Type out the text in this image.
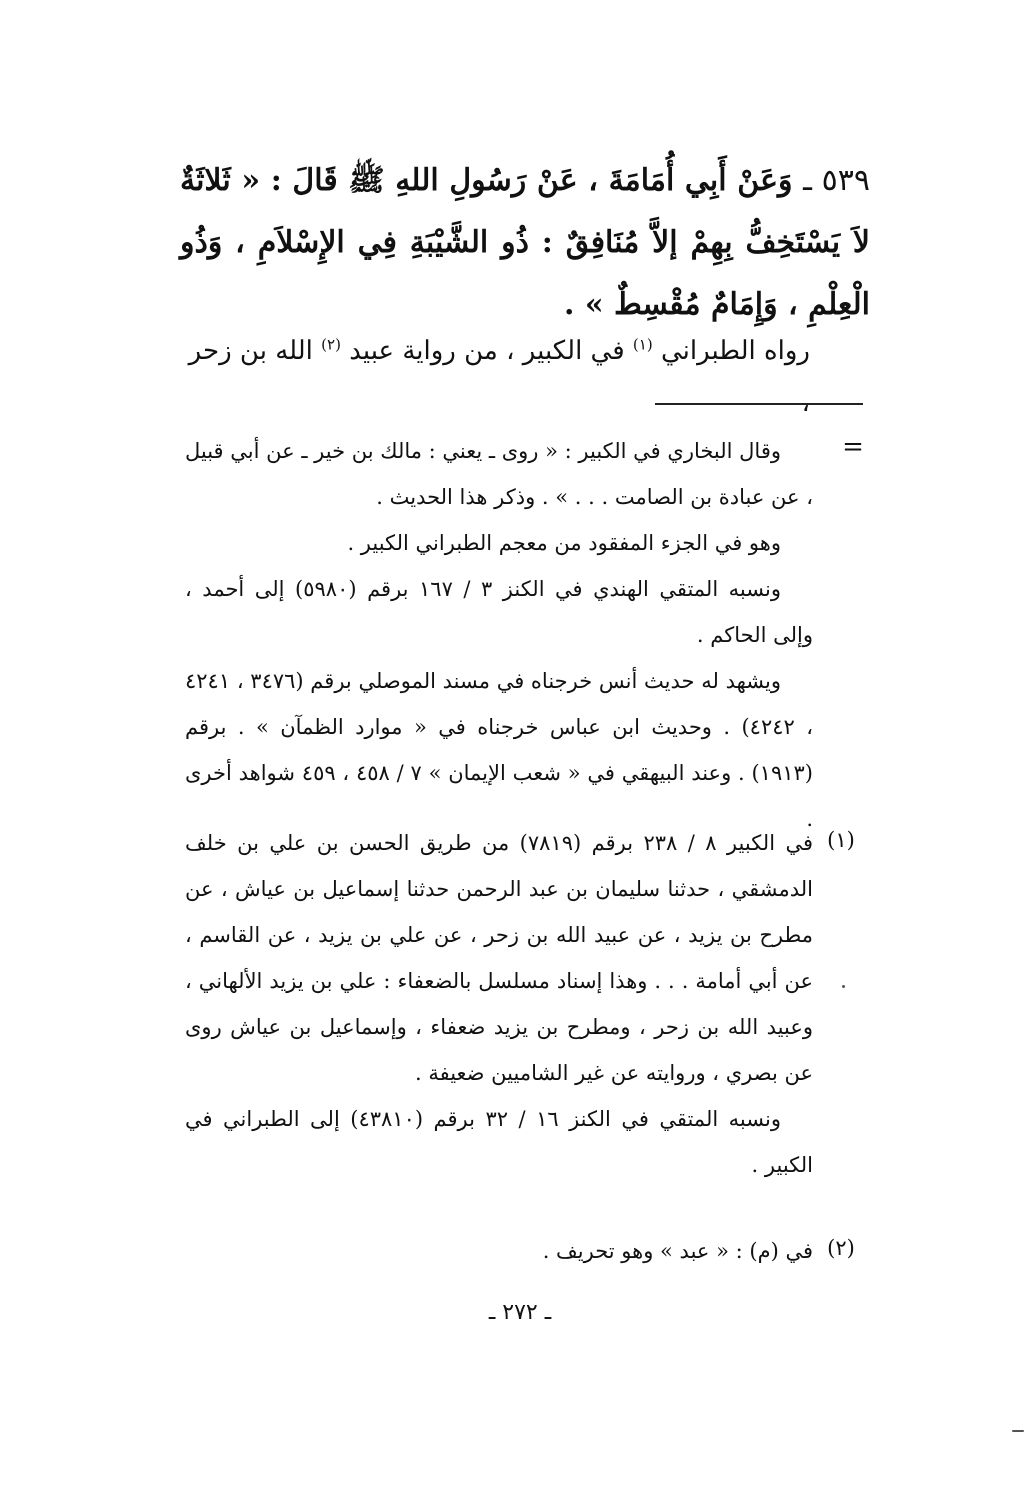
٥٣٩ ـ وَعَنْ أَبِي أُمَامَةَ ، عَنْ رَسُولِ اللهِ ﷺ قَالَ : « ثَلاثَةٌ لاَ يَسْتَخِفُّ بِهِمْ إلاَّ مُنَافِقٌ : ذُو الشَّيْبَةِ فِي الإِسْلاَمِ ، وَذُو الْعِلْمِ ، وَإِمَامٌ مُقْسِطٌ » .
رواه الطبراني $^{(١)}$ في الكبير ، من رواية عبيد $^{(٢)}$ الله بن زحر
=

وقال البخاري في الكبير : « روى ـ يعني : مالك بن خير ـ عن أبي قبيل ، عن عبادة بن الصامت . . . » . وذكر هذا الحديث .

وهو في الجزء المفقود من معجم الطبراني الكبير .

ونسبه المتقي الهندي في الكنز ٣ / ١٦٧ برقم (٥٩٨٠) إلى أحمد ، وإلى الحاكم .

ويشهد له حديث أنس خرجناه في مسند الموصلي برقم (٣٤٧٦ ، ٤٢٤١ ، ٤٢٤٢) . وحديث ابن عباس خرجناه في « موارد الظمآن » . برقم (١٩١٣) . وعند البيهقي في « شعب الإيمان » ٧ / ٤٥٨ ، ٤٥٩ شواهد أخرى .

(١)

في الكبير ٨ / ٢٣٨ برقم (٧٨١٩) من طريق الحسن بن علي بن خلف الدمشقي ، حدثنا سليمان بن عبد الرحمن حدثنا إسماعيل بن عياش ، عن مطرح بن يزيد ، عن عبيد الله بن زحر ، عن علي بن يزيد ، عن القاسم ، عن أبي أمامة . . . وهذا إسناد مسلسل بالضعفاء : علي بن يزيد الألهاني ، وعبيد الله بن زحر ، ومطرح بن يزيد ضعفاء ، وإسماعيل بن عياش روى عن بصري ، وروايته عن غير الشاميين ضعيفة .

ونسبه المتقي في الكنز ١٦ / ٣٢ برقم (٤٣٨١٠) إلى الطبراني في الكبير .

(٢)

في (م) : « عبد » وهو تحريف .

ـ ٢٧٢ ـ
